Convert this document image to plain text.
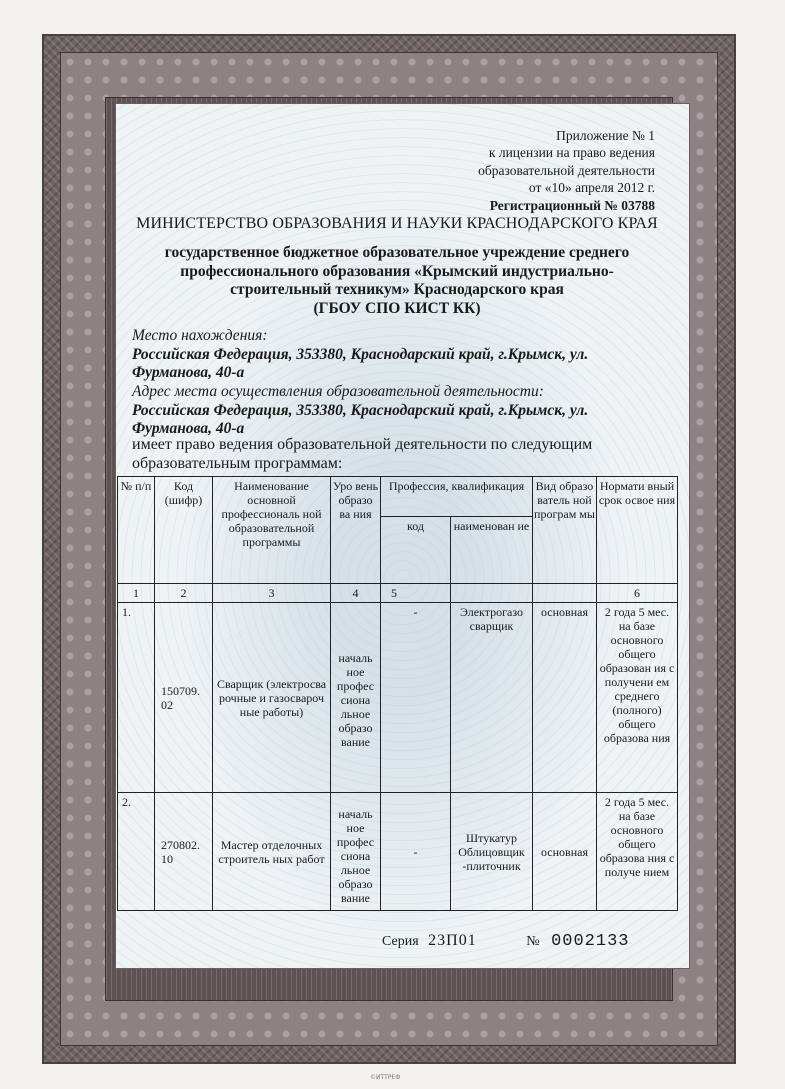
Приложение № 1
к лицензии на право ведения
образовательной деятельности
от «10» апреля 2012 г.
Регистрационный № 03788
МИНИСТЕРСТВО ОБРАЗОВАНИЯ И НАУКИ КРАСНОДАРСКОГО КРАЯ
государственное бюджетное образовательное учреждение среднего
профессионального образования «Крымский индустриально-
строительный техникум» Краснодарского края
(ГБОУ СПО КИСТ КК)
Место нахождения:
Российская Федерация, 353380, Краснодарский край, г.Крымск, ул.
Фурманова, 40-а
Адрес места осуществления образовательной деятельности:
Российская Федерация, 353380, Краснодарский край, г.Крымск, ул.
Фурманова, 40-а
имеет право ведения образовательной деятельности по следующим
образовательным программам:
№ п/п	Код (шифр)	Наименование основной профессиональ ной образовательной программы	Уро вень образо ва ния	Профессия, квалификация		Вид образо ватель ной програм мы	Нормати вный срок освое ния
				код	наименован ие		
1	2	3	4	5			6
1.	150709. 02	Сварщик (электросва рочные и газосвароч ные работы)	началь ное профес сиона льное образо вание	-	Электрогазо сварщик	основная	2 года 5 мес. на базе основного общего образован ия с получени ем среднего (полного) общего образова ния
2.	270802. 10	Мастер отделочных строитель ных работ	началь ное профес сиона льное образо вание	-	Штукатур Облицовщик -плиточник	основная	2 года 5 мес. на базе основного общего образова ния с получе нием
Серия 23П01	№ 0002133
©ИТТРЕФ
